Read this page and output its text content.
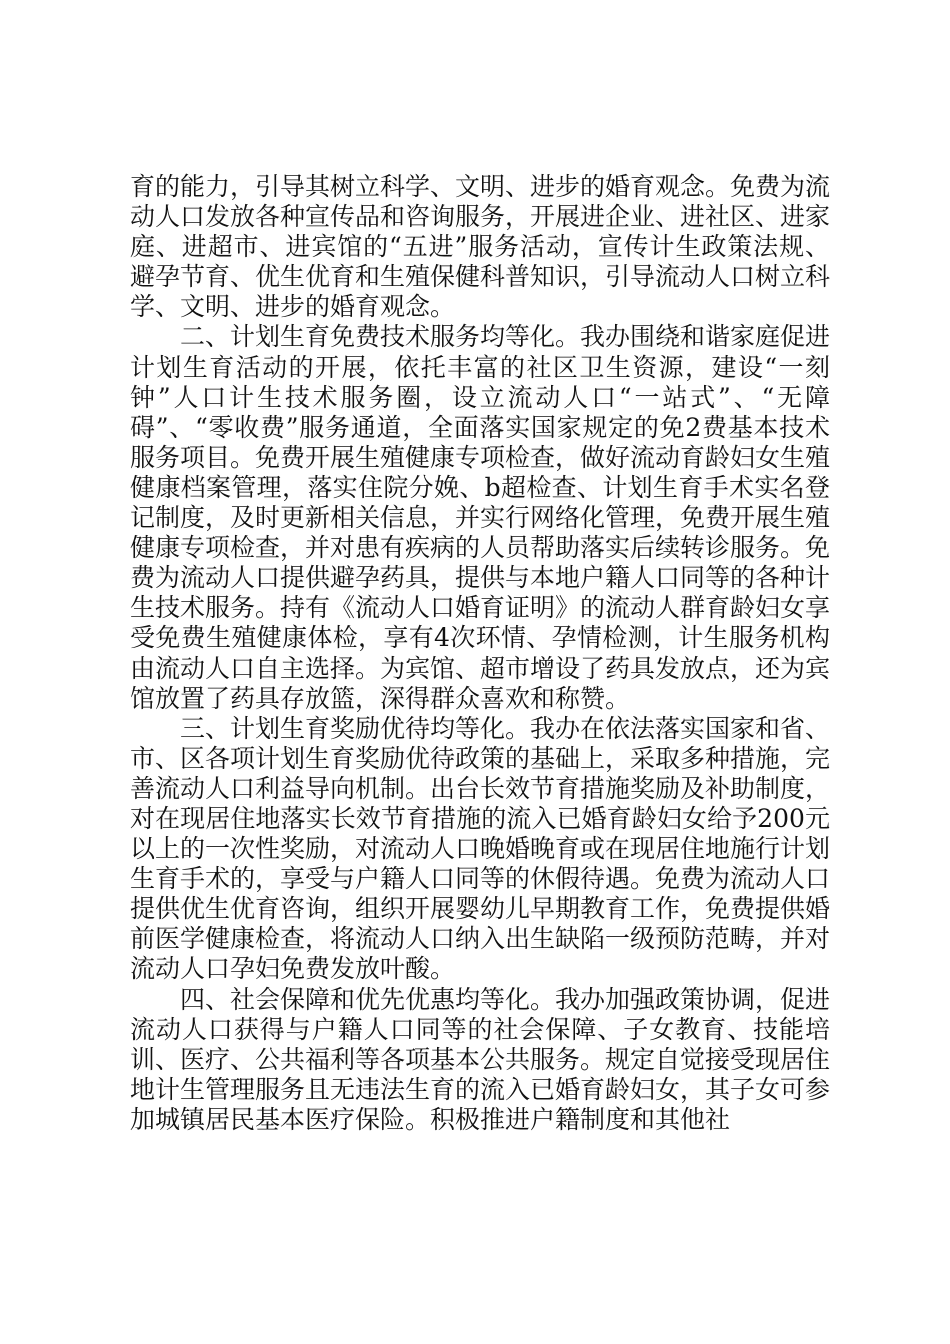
育的能力，引导其树立科学、文明、进步的婚育观念。免费为流动人口发放各种宣传品和咨询服务，开展进企业、进社区、进家庭、进超市、进宾馆的“五进”服务活动，宣传计生政策法规、避孕节育、优生优育和生殖保健科普知识，引导流动人口树立科学、文明、进步的婚育观念。

二、计划生育免费技术服务均等化。我办围绕和谐家庭促进计划生育活动的开展，依托丰富的社区卫生资源，建设“一刻钟”人口计生技术服务圈，设立流动人口“一站式”、“无障碍”、“零收费”服务通道，全面落实国家规定的免2费基本技术服务项目。免费开展生殖健康专项检查，做好流动育龄妇女生殖健康档案管理，落实住院分娩、b超检查、计划生育手术实名登记制度，及时更新相关信息，并实行网络化管理，免费开展生殖健康专项检查，并对患有疾病的人员帮助落实后续转诊服务。免费为流动人口提供避孕药具，提供与本地户籍人口同等的各种计生技术服务。持有《流动人口婚育证明》的流动人群育龄妇女享受免费生殖健康体检，享有4次环情、孕情检测，计生服务机构由流动人口自主选择。为宾馆、超市增设了药具发放点，还为宾馆放置了药具存放篮，深得群众喜欢和称赞。

三、计划生育奖励优待均等化。我办在依法落实国家和省、市、区各项计划生育奖励优待政策的基础上，采取多种措施，完善流动人口利益导向机制。出台长效节育措施奖励及补助制度，对在现居住地落实长效节育措施的流入已婚育龄妇女给予200元以上的一次性奖励，对流动人口晚婚晚育或在现居住地施行计划生育手术的，享受与户籍人口同等的休假待遇。免费为流动人口提供优生优育咨询，组织开展婴幼儿早期教育工作，免费提供婚前医学健康检查，将流动人口纳入出生缺陷一级预防范畴，并对流动人口孕妇免费发放叶酸。

四、社会保障和优先优惠均等化。我办加强政策协调，促进流动人口获得与户籍人口同等的社会保障、子女教育、技能培训、医疗、公共福利等各项基本公共服务。规定自觉接受现居住地计生管理服务且无违法生育的流入已婚育龄妇女，其子女可参加城镇居民基本医疗保险。积极推进户籍制度和其他社
